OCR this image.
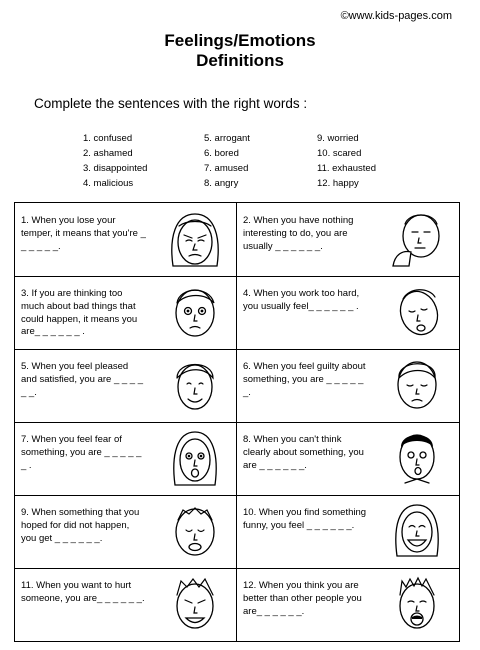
©www.kids-pages.com
Feelings/Emotions
Definitions
Complete the sentences with the right words :
1. confused
2. ashamed
3. disappointed
4. malicious
5. arrogant
6. bored
7. amused
8. angry
9. worried
10. scared
11. exhausted
12. happy
1. When you lose your temper, it means that you're _ _ _ _ _ _.
2. When you have nothing interesting to do, you are usually _ _ _ _ _ _.
3. If you are thinking too much about bad things that could happen, it means you are_ _ _ _ _ _ .
4. When you work too hard, you usually feel_ _ _ _ _ _ .
5. When you feel pleased and satisfied, you are _ _ _ _ _ _.
6. When you feel guilty about something, you are _ _ _ _ _ _.
7. When you feel fear of something, you are _ _ _ _ _ _ .
8. When you can't think clearly about something, you are _ _ _ _ _ _.
9. When something that you hoped for did not happen, you get _ _ _ _ _ _.
10. When you find something funny, you feel _ _ _ _ _ _.
11. When you want to hurt someone, you are_ _ _ _ _ _.
12. When you think you are better than other people you are_ _ _ _ _ _.
